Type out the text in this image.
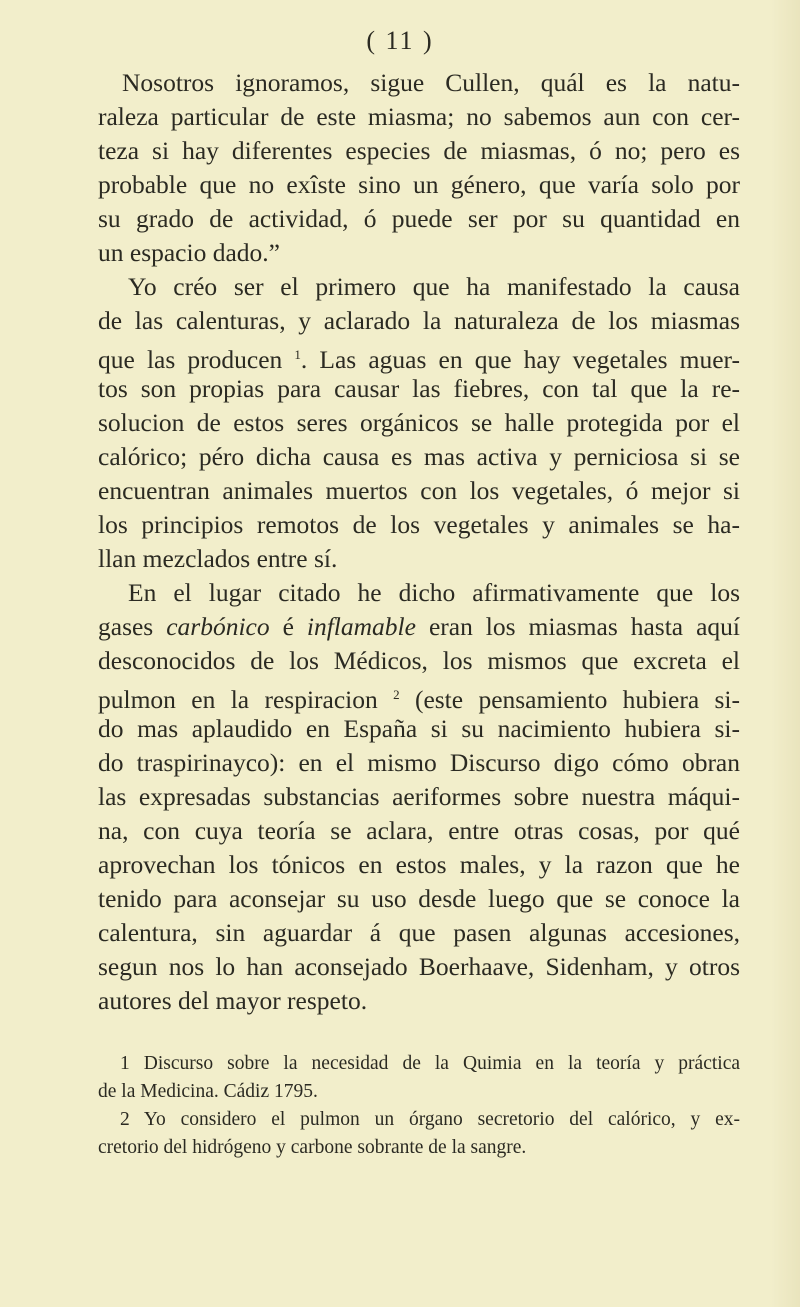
( 11 )
Nosotros ignoramos, sigue Cullen, quál es la natu-
raleza particular de este miasma; no sabemos aun con cer-
teza si hay diferentes especies de miasmas, ó no; pero es
probable que no exîste sino un género, que varía solo por
su grado de actividad, ó puede ser por su quantidad en
un espacio dado.”
Yo créo ser el primero que ha manifestado la causa
de las calenturas, y aclarado la naturaleza de los miasmas
que las producen $^1$. Las aguas en que hay vegetales muer-
tos son propias para causar las fiebres, con tal que la re-
solucion de estos seres orgánicos se halle protegida por el
calórico; péro dicha causa es mas activa y perniciosa si se
encuentran animales muertos con los vegetales, ó mejor si
los principios remotos de los vegetales y animales se ha-
llan mezclados entre sí.
En el lugar citado he dicho afirmativamente que los
gases carbónico é inflamable eran los miasmas hasta aquí
desconocidos de los Médicos, los mismos que excreta el
pulmon en la respiracion $^2$ (este pensamiento hubiera si-
do mas aplaudido en España si su nacimiento hubiera si-
do traspirinayco): en el mismo Discurso digo cómo obran
las expresadas substancias aeriformes sobre nuestra máqui-
na, con cuya teoría se aclara, entre otras cosas, por qué
aprovechan los tónicos en estos males, y la razon que he
tenido para aconsejar su uso desde luego que se conoce la
calentura, sin aguardar á que pasen algunas accesiones,
segun nos lo han aconsejado Boerhaave, Sidenham, y otros
autores del mayor respeto.
1 Discurso sobre la necesidad de la Quimia en la teoría y práctica
de la Medicina. Cádiz 1795.
2 Yo considero el pulmon un órgano secretorio del calórico, y ex-
cretorio del hidrógeno y carbone sobrante de la sangre.
